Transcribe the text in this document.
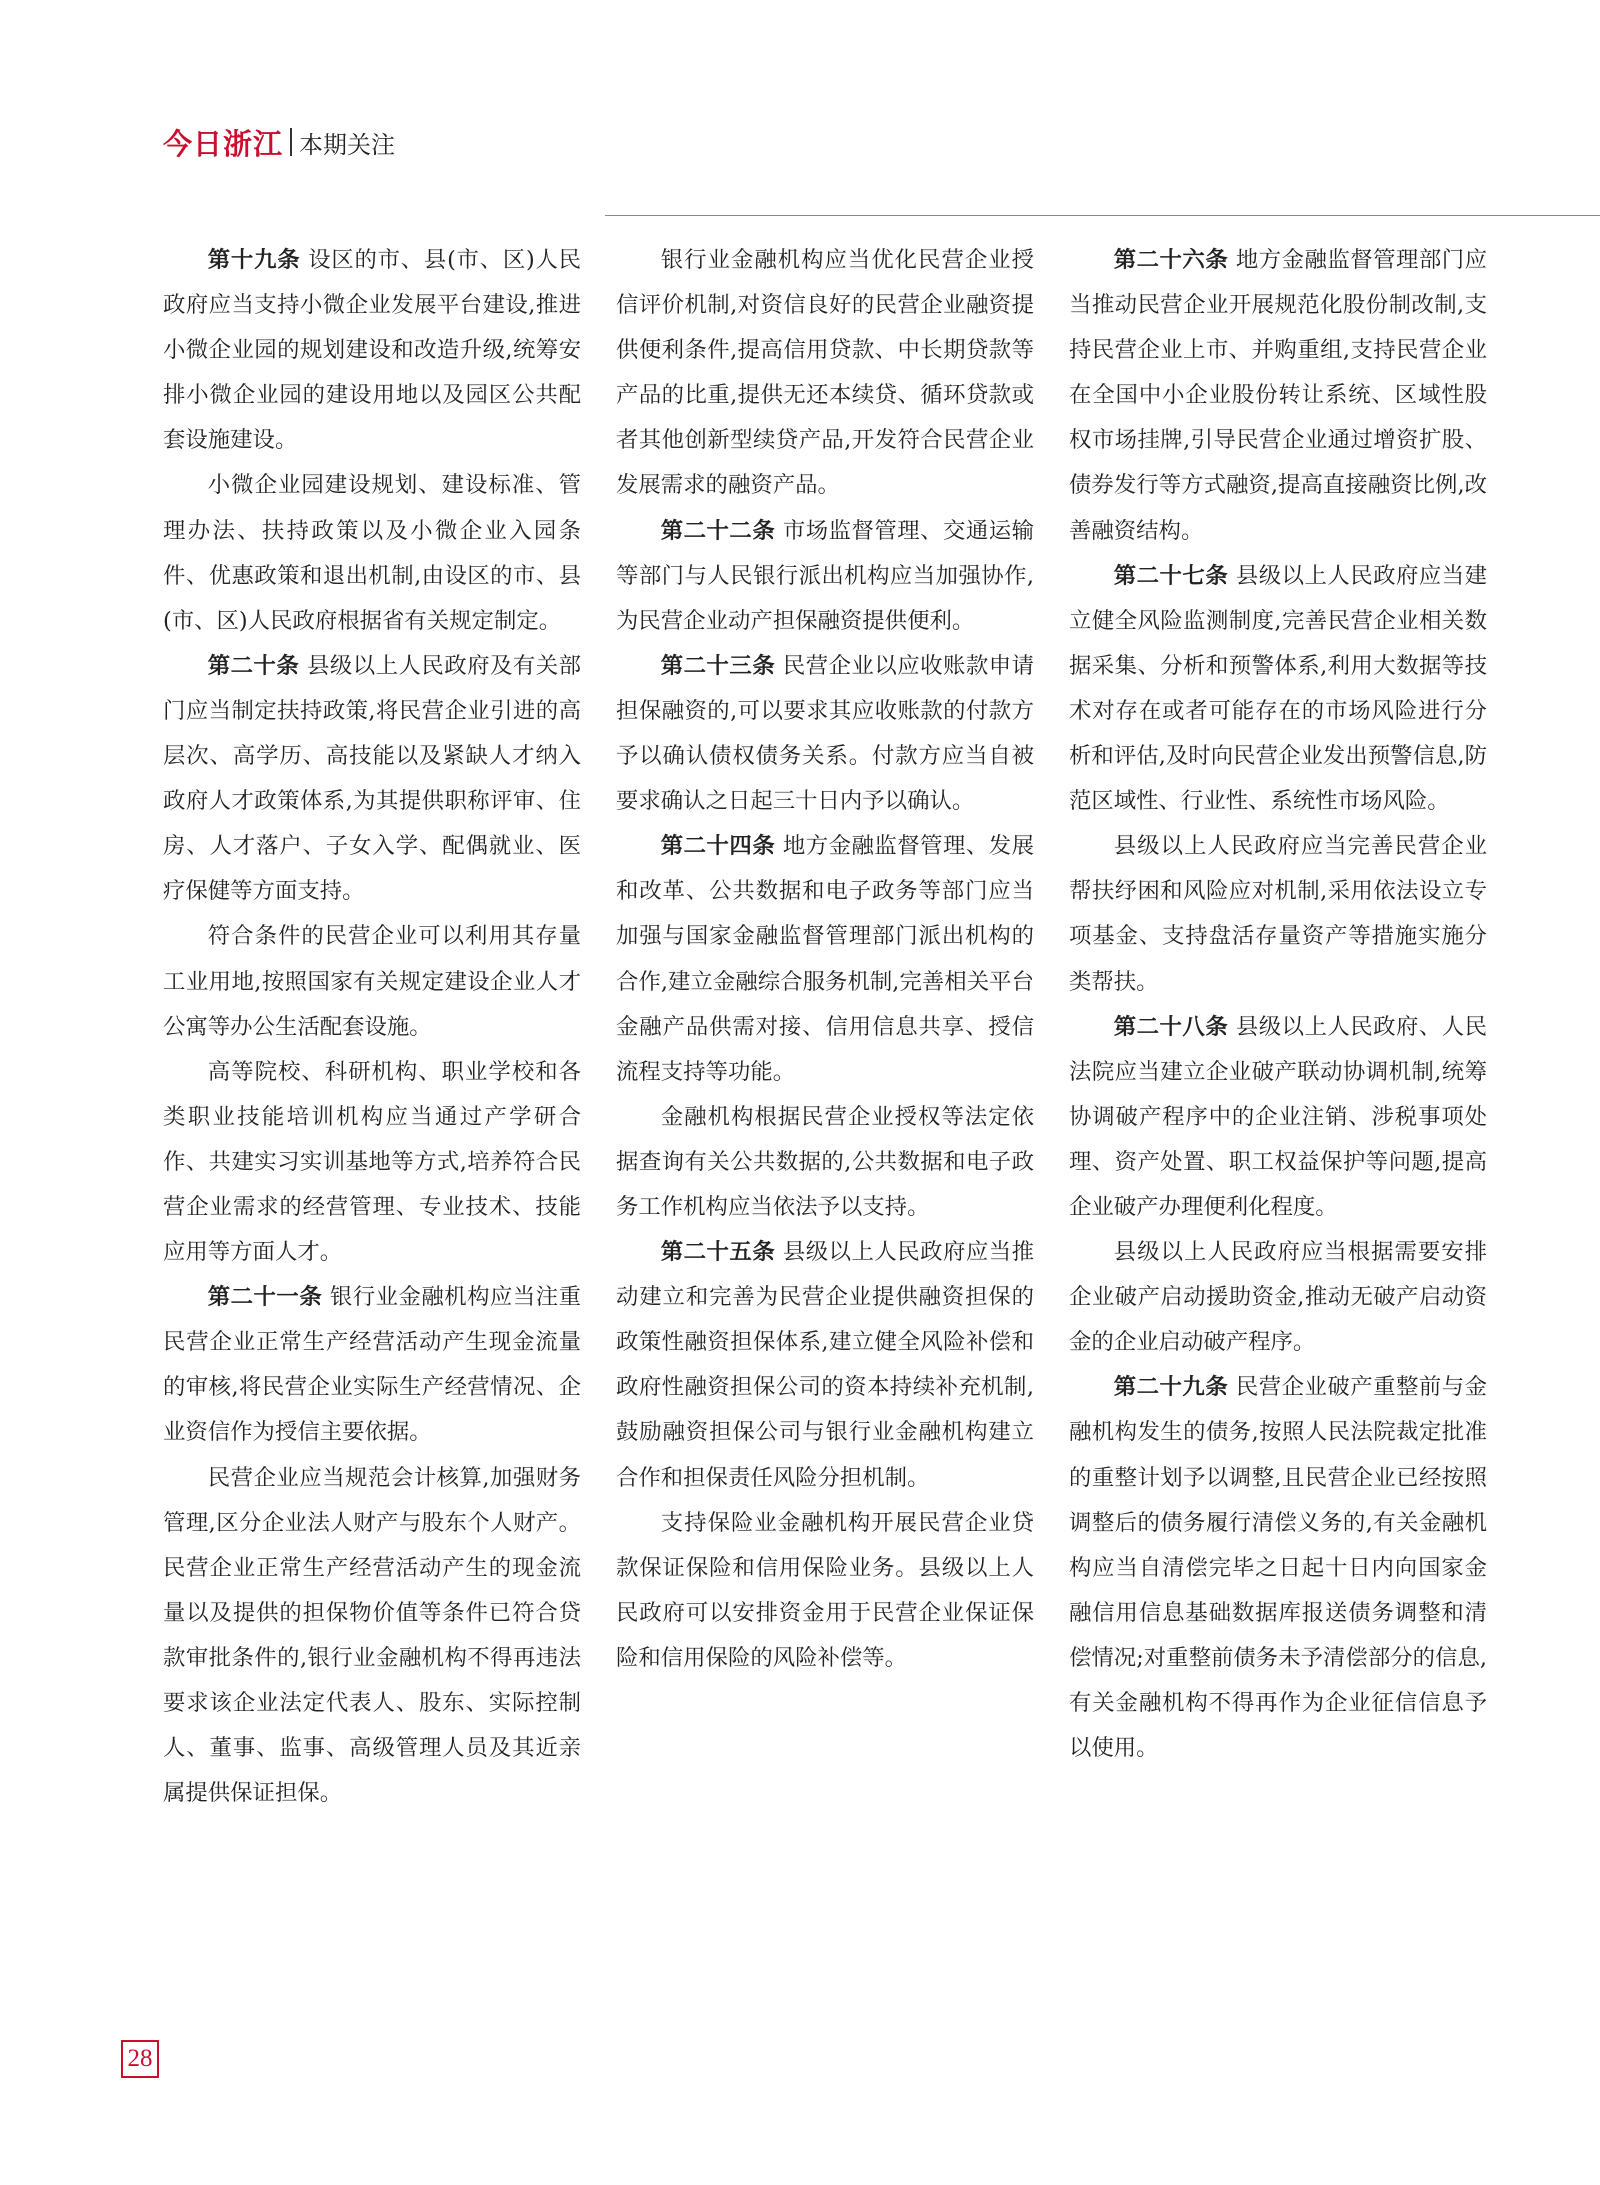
今日浙江 本期关注

第十九条 设区的市、县(市、区)人民政府应当支持小微企业发展平台建设,推进小微企业园的规划建设和改造升级,统筹安排小微企业园的建设用地以及园区公共配套设施建设。

小微企业园建设规划、建设标准、管理办法、扶持政策以及小微企业入园条件、优惠政策和退出机制,由设区的市、县(市、区)人民政府根据省有关规定制定。

第二十条 县级以上人民政府及有关部门应当制定扶持政策,将民营企业引进的高层次、高学历、高技能以及紧缺人才纳入政府人才政策体系,为其提供职称评审、住房、人才落户、子女入学、配偶就业、医疗保健等方面支持。

符合条件的民营企业可以利用其存量工业用地,按照国家有关规定建设企业人才公寓等办公生活配套设施。

高等院校、科研机构、职业学校和各类职业技能培训机构应当通过产学研合作、共建实习实训基地等方式,培养符合民营企业需求的经营管理、专业技术、技能应用等方面人才。

第二十一条 银行业金融机构应当注重民营企业正常生产经营活动产生现金流量的审核,将民营企业实际生产经营情况、企业资信作为授信主要依据。

民营企业应当规范会计核算,加强财务管理,区分企业法人财产与股东个人财产。民营企业正常生产经营活动产生的现金流量以及提供的担保物价值等条件已符合贷款审批条件的,银行业金融机构不得再违法要求该企业法定代表人、股东、实际控制人、董事、监事、高级管理人员及其近亲属提供保证担保。

银行业金融机构应当优化民营企业授信评价机制,对资信良好的民营企业融资提供便利条件,提高信用贷款、中长期贷款等产品的比重,提供无还本续贷、循环贷款或者其他创新型续贷产品,开发符合民营企业发展需求的融资产品。

第二十二条 市场监督管理、交通运输等部门与人民银行派出机构应当加强协作,为民营企业动产担保融资提供便利。

第二十三条 民营企业以应收账款申请担保融资的,可以要求其应收账款的付款方予以确认债权债务关系。付款方应当自被要求确认之日起三十日内予以确认。

第二十四条 地方金融监督管理、发展和改革、公共数据和电子政务等部门应当加强与国家金融监督管理部门派出机构的合作,建立金融综合服务机制,完善相关平台金融产品供需对接、信用信息共享、授信流程支持等功能。

金融机构根据民营企业授权等法定依据查询有关公共数据的,公共数据和电子政务工作机构应当依法予以支持。

第二十五条 县级以上人民政府应当推动建立和完善为民营企业提供融资担保的政策性融资担保体系,建立健全风险补偿和政府性融资担保公司的资本持续补充机制,鼓励融资担保公司与银行业金融机构建立合作和担保责任风险分担机制。

支持保险业金融机构开展民营企业贷款保证保险和信用保险业务。县级以上人民政府可以安排资金用于民营企业保证保险和信用保险的风险补偿等。

第二十六条 地方金融监督管理部门应当推动民营企业开展规范化股份制改制,支持民营企业上市、并购重组,支持民营企业在全国中小企业股份转让系统、区域性股权市场挂牌,引导民营企业通过增资扩股、债券发行等方式融资,提高直接融资比例,改善融资结构。

第二十七条 县级以上人民政府应当建立健全风险监测制度,完善民营企业相关数据采集、分析和预警体系,利用大数据等技术对存在或者可能存在的市场风险进行分析和评估,及时向民营企业发出预警信息,防范区域性、行业性、系统性市场风险。

县级以上人民政府应当完善民营企业帮扶纾困和风险应对机制,采用依法设立专项基金、支持盘活存量资产等措施实施分类帮扶。

第二十八条 县级以上人民政府、人民法院应当建立企业破产联动协调机制,统筹协调破产程序中的企业注销、涉税事项处理、资产处置、职工权益保护等问题,提高企业破产办理便利化程度。

县级以上人民政府应当根据需要安排企业破产启动援助资金,推动无破产启动资金的企业启动破产程序。

第二十九条 民营企业破产重整前与金融机构发生的债务,按照人民法院裁定批准的重整计划予以调整,且民营企业已经按照调整后的债务履行清偿义务的,有关金融机构应当自清偿完毕之日起十日内向国家金融信用信息基础数据库报送债务调整和清偿情况;对重整前债务未予清偿部分的信息,有关金融机构不得再作为企业征信信息予以使用。

28
